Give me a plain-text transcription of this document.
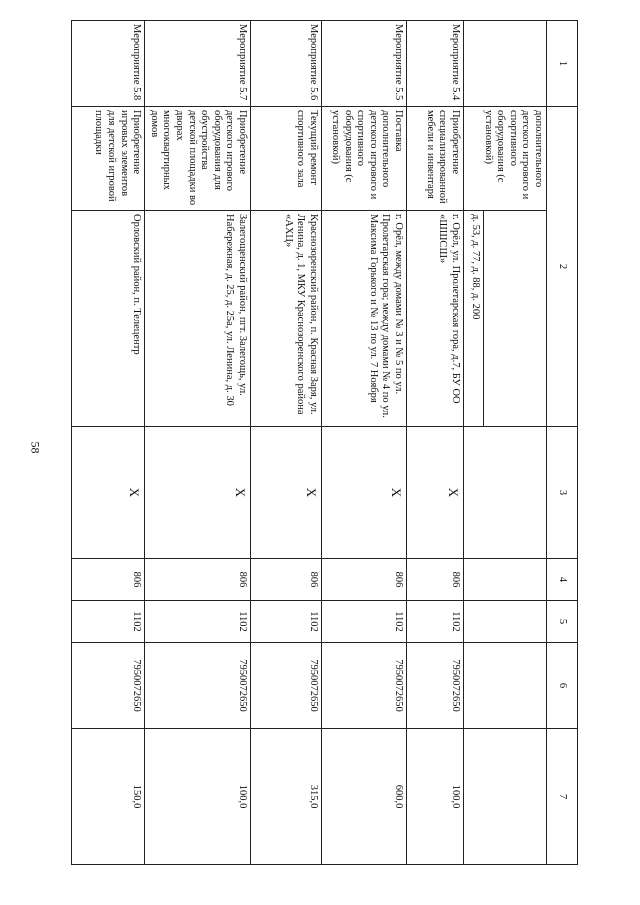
58
1	2		3	4	5	6	7
	дополнительного детского игрового и спортивного оборудования (с установкой)	д. 53, д. 77, д. 88, д. 200					

Мероприятие 5.4	Приобретение специализированной мебели и инвентаря	г. Орёл, ул. Пролетарская гора, д.7, БУ ОО «ШШСШ»	Х	806	1102	7950072650	100,0
Мероприятие 5.5	Поставка дополнительного детского игрового и спортивного оборудования (с установкой)	г. Орёл, между домами № 3 и № 5 по ул. Пролетарская гора; между домами № 4 по ул. Максима Горького и № 13 по ул. 7 Ноября	Х	806	1102	7950072650	600,0
Мероприятие 5.6	Текущий ремонт спортивного зала	Краснозоренский район, п. Красная Заря, ул. Ленина, д. 1, МКУ Краснозоренского района «АХЦ»	Х	806	1102	7950072650	315,0
Мероприятие 5.7	Приобретение детского игрового оборудования для обустройства детской площадки во дворах многоквартирных домов	Залегощенский район, пгт. Залегощь, ул. Набережная, д. 25, д. 25а, ул. Ленина, д. 30	Х	806	1102	7950072650	100,0
Мероприятие 5.8	Приобретение игровых элементов для детской игровой площадки	Орловский район, п. Телецентр	Х	806	1102	7950072650	150,0
